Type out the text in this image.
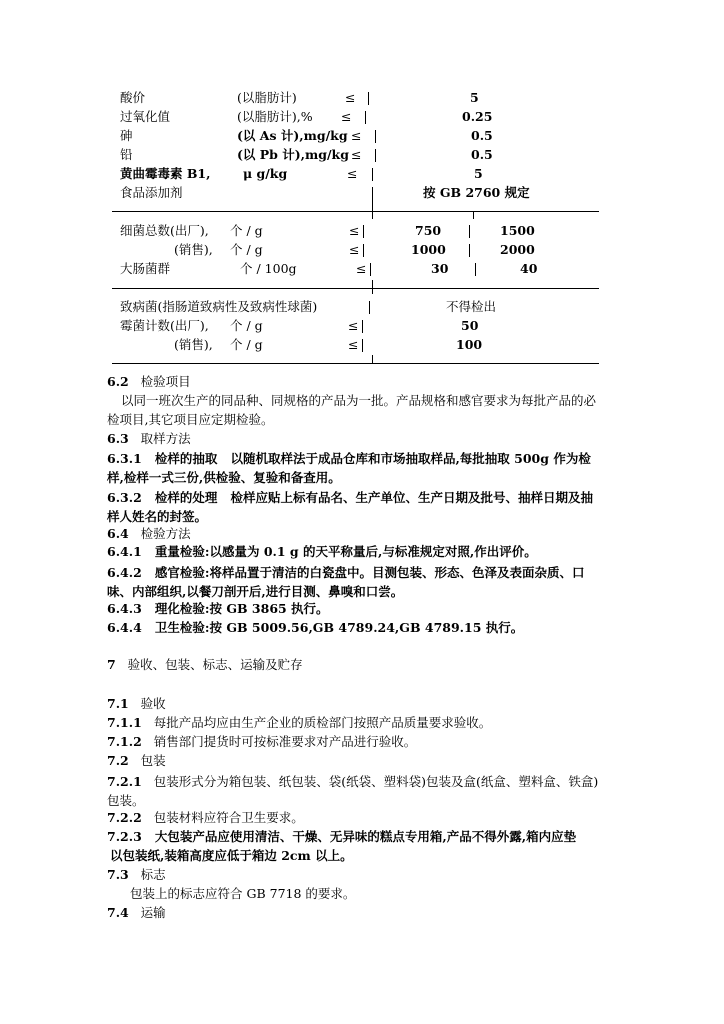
酸价	(以脂肪计)	≤	5
过氧化值	(以脂肪计),% ≤	0.25
砷	(以 As 计),mg/kg ≤	0.5
铅	(以 Pb 计),mg/kg ≤	0.5
黄曲霉毒素 B1,	μ g/kg	≤	5
食品添加剂	按 GB 2760 规定
细菌总数(出厂), 个 / g	≤	750	1500
(销售), 个 / g	≤	1000	2000
大肠菌群	个 / 100g	≤	30	40
致病菌(指肠道致病性及致病性球菌)	不得检出
霉菌计数(出厂), 个 / g	≤	50
(销售), 个 / g	≤	100
6.2 检验项目
以同一班次生产的同品种、同规格的产品为一批。产品规格和感官要求为每批产品的必检项目,其它项目应定期检验。
6.3 取样方法
6.3.1 检样的抽取 以随机取样法于成品仓库和市场抽取样品,每批抽取 500g 作为检样,检样一式三份,供检验、复验和备查用。
6.3.2 检样的处理 检样应贴上标有品名、生产单位、生产日期及批号、抽样日期及抽样人姓名的封签。
6.4 检验方法
6.4.1 重量检验:以感量为 0.1 g 的天平称量后,与标准规定对照,作出评价。
6.4.2 感官检验:将样品置于清洁的白瓷盘中。目测包装、形态、色泽及表面杂质、口味、内部组织,以餐刀剖开后,进行目测、鼻嗅和口尝。
6.4.3 理化检验:按 GB 3865 执行。
6.4.4 卫生检验:按 GB 5009.56,GB 4789.24,GB 4789.15 执行。
7 验收、包装、标志、运输及贮存
7.1 验收
7.1.1 每批产品均应由生产企业的质检部门按照产品质量要求验收。
7.1.2 销售部门提货时可按标准要求对产品进行验收。
7.2 包装
7.2.1 包装形式分为箱包装、纸包装、袋(纸袋、塑料袋)包装及盒(纸盒、塑料盒、铁盒)包装。
7.2.2 包装材料应符合卫生要求。
7.2.3 大包装产品应使用清洁、干燥、无异味的糕点专用箱,产品不得外露,箱内应垫
以包装纸,装箱高度应低于箱边 2cm 以上。
7.3 标志
包装上的标志应符合 GB 7718 的要求。
7.4 运输
